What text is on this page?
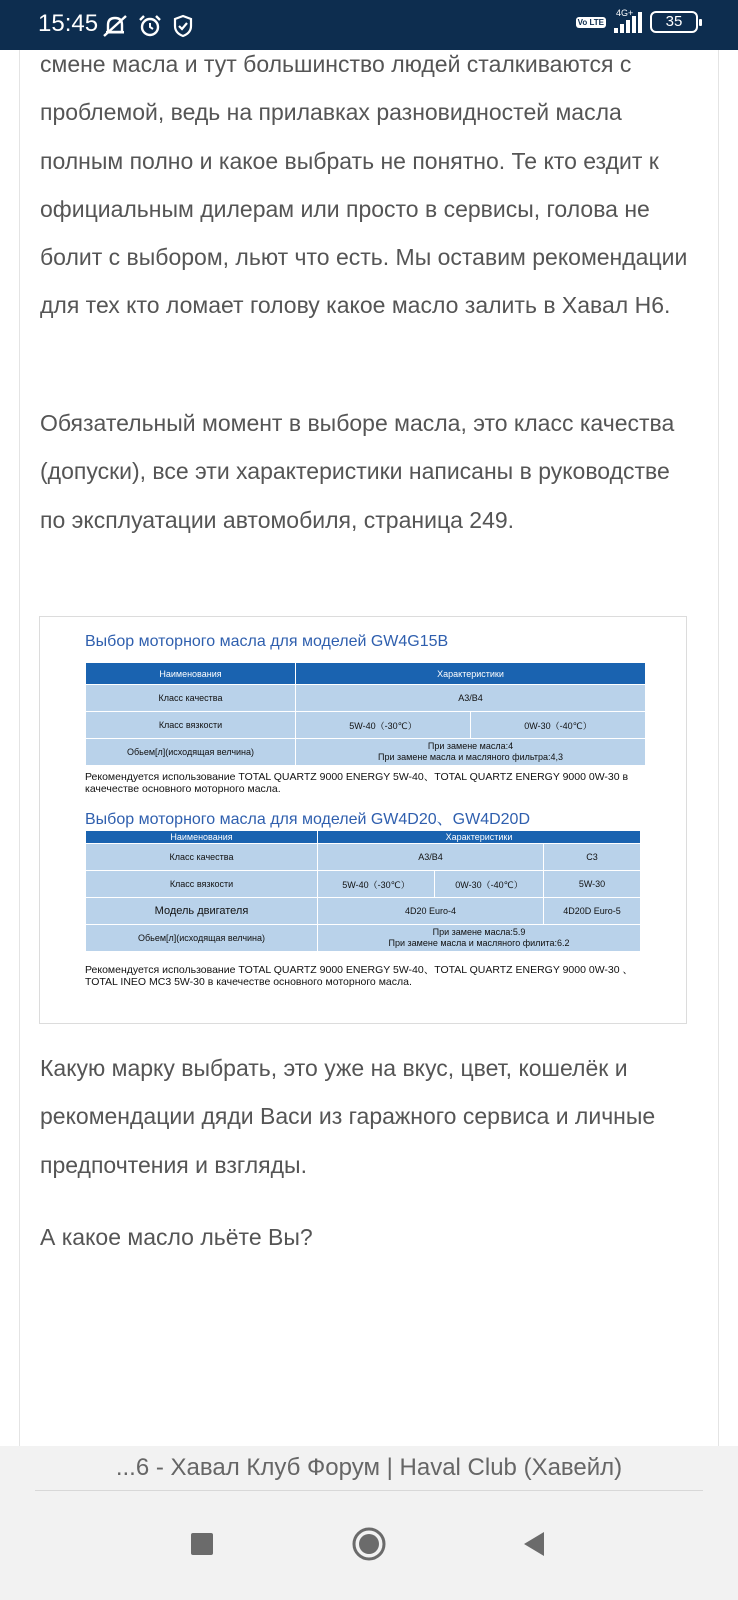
15:45	Vo LTE
4G+	35

смене масла и тут большинство людей сталкиваются с проблемой, ведь на прилавках разновидностей масла полным полно и какое выбрать не понятно. Те кто ездит к официальным дилерам или просто в сервисы, голова не болит с выбором, льют что есть. Мы оставим рекомендации для тех кто ломает голову какое масло залить в Хавал Н6.

Обязательный момент в выборе масла, это класс качества (допуски), все эти характеристики написаны в руководстве по эксплуатации автомобиля, страница 249.

Выбор моторного масла для моделей GW4G15B
Наименования	Характеристики	
Класс качества	A3/B4	
Класс вязкости	5W-40（-30℃）	0W-30（-40℃）
Обьем[л](исходящая велчина)	При замене масла:4
При замене масла и масляного фильтра:4,3	
Рекомендуется использование TOTAL QUARTZ 9000 ENERGY 5W-40、TOTAL QUARTZ ENERGY 9000 0W-30 в качечестве основного моторного масла.
Выбор моторного масла для моделей GW4D20、GW4D20D
Наименования	Характеристики		
Класс качества	A3/B4		C3
Класс вязкости	5W-40（-30℃）	0W-30（-40℃）	5W-30
Модель двигателя	4D20 Euro-4		4D20D Euro-5
Обьем[л](исходящая велчина)	При замене масла:5.9
При замене масла и масляного филита:6.2		
Рекомендуется использование TOTAL QUARTZ 9000 ENERGY 5W-40、TOTAL QUARTZ ENERGY 9000 0W-30 、TOTAL INEO MC3 5W-30 в качечестве основного моторного масла.

Какую марку выбрать, это уже на вкус, цвет, кошелёк и рекомендации дяди Васи из гаражного сервиса и личные предпочтения и взгляды.

А какое масло льёте Вы?

...6 - Хавал Клуб Форум | Haval Club (Хавейл)
